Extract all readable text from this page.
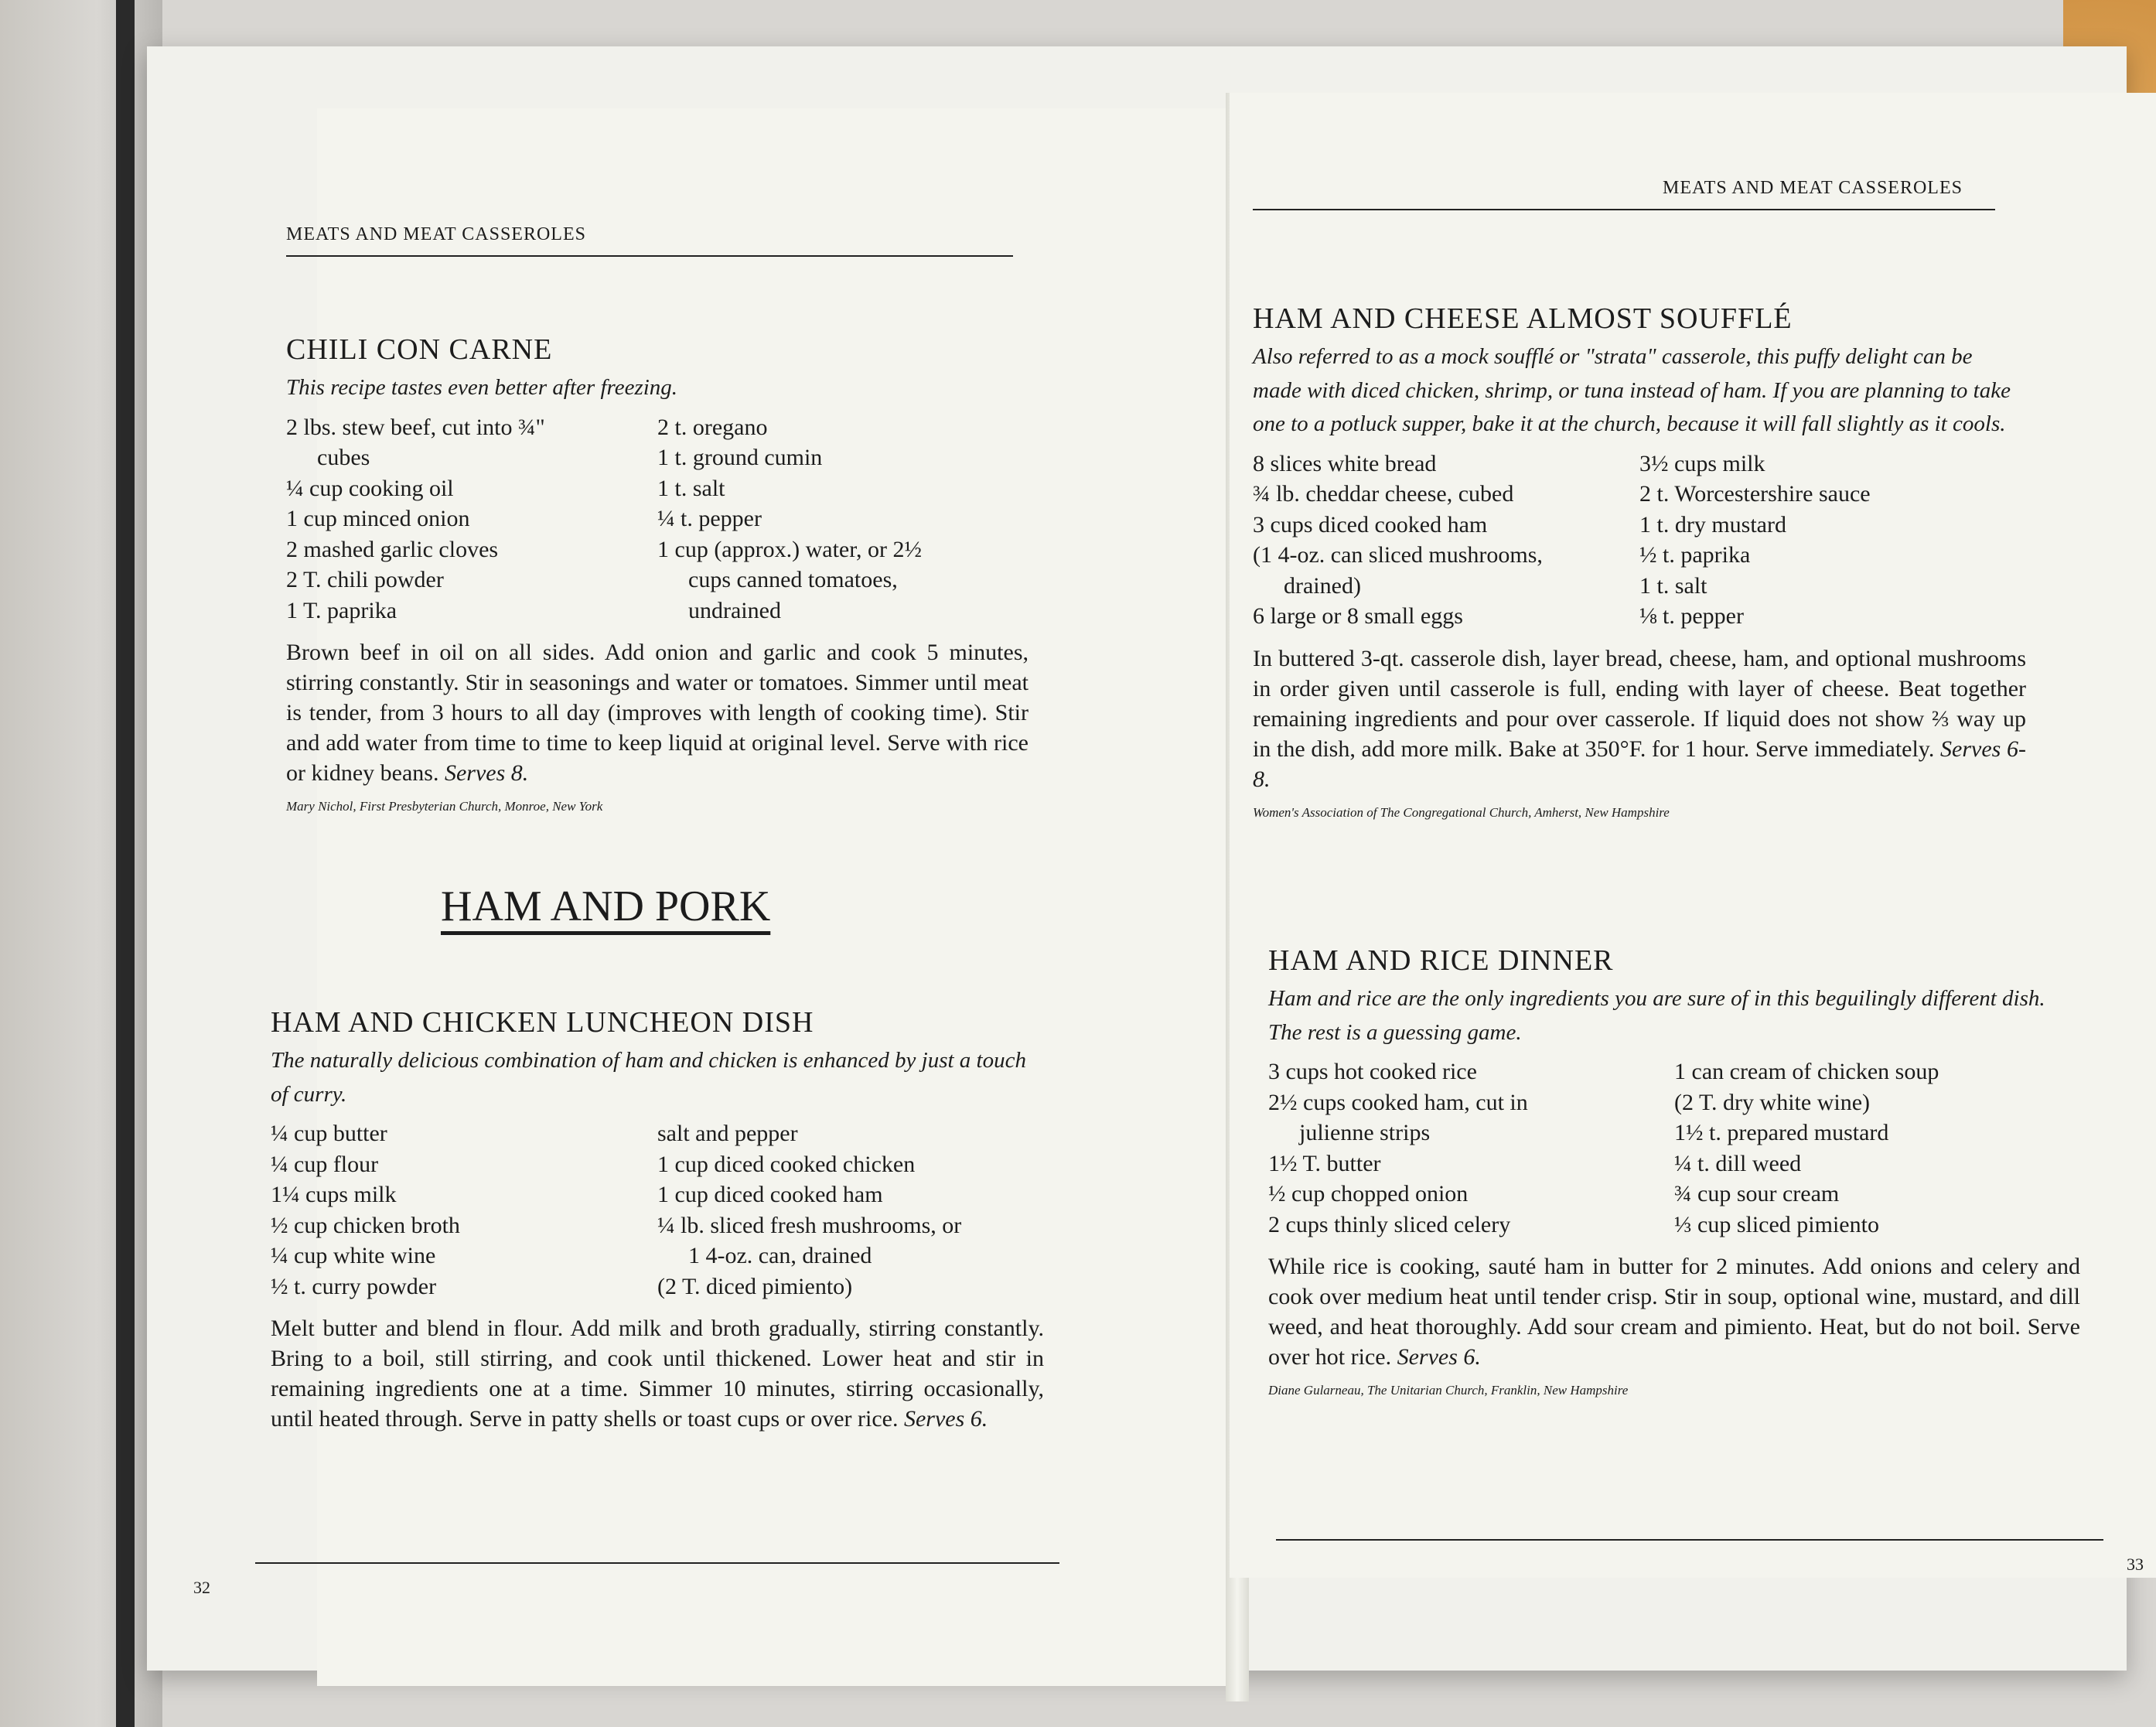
MEATS AND MEAT CASSEROLES
CHILI CON CARNE
This recipe tastes even better after freezing.
2 lbs. stew beef, cut into ¾"
cubes
¼ cup cooking oil
1 cup minced onion
2 mashed garlic cloves
2 T. chili powder
1 T. paprika
2 t. oregano
1 t. ground cumin
1 t. salt
¼ t. pepper
1 cup (approx.) water, or 2½
cups canned tomatoes,
undrained
Brown beef in oil on all sides. Add onion and garlic and cook 5 minutes, stirring constantly. Stir in seasonings and water or tomatoes. Simmer until meat is tender, from 3 hours to all day (improves with length of cooking time). Stir and add water from time to time to keep liquid at original level. Serve with rice or kidney beans. Serves 8.
Mary Nichol, First Presbyterian Church, Monroe, New York
HAM AND PORK
HAM AND CHICKEN LUNCHEON DISH
The naturally delicious combination of ham and chicken is enhanced by just a touch of curry.
¼ cup butter
¼ cup flour
1¼ cups milk
½ cup chicken broth
¼ cup white wine
½ t. curry powder
salt and pepper
1 cup diced cooked chicken
1 cup diced cooked ham
¼ lb. sliced fresh mushrooms, or
1 4-oz. can, drained
(2 T. diced pimiento)
Melt butter and blend in flour. Add milk and broth gradually, stirring constantly. Bring to a boil, still stirring, and cook until thickened. Lower heat and stir in remaining ingredients one at a time. Simmer 10 minutes, stirring occasionally, until heated through. Serve in patty shells or toast cups or over rice. Serves 6.
32
MEATS AND MEAT CASSEROLES
HAM AND CHEESE ALMOST SOUFFLÉ
Also referred to as a mock soufflé or "strata" casserole, this puffy delight can be made with diced chicken, shrimp, or tuna instead of ham. If you are planning to take one to a potluck supper, bake it at the church, because it will fall slightly as it cools.
8 slices white bread
¾ lb. cheddar cheese, cubed
3 cups diced cooked ham
(1 4-oz. can sliced mushrooms,
drained)
6 large or 8 small eggs
3½ cups milk
2 t. Worcestershire sauce
1 t. dry mustard
½ t. paprika
1 t. salt
⅛ t. pepper
In buttered 3-qt. casserole dish, layer bread, cheese, ham, and optional mushrooms in order given until casserole is full, ending with layer of cheese. Beat together remaining ingredients and pour over casserole. If liquid does not show ⅔ way up in the dish, add more milk. Bake at 350°F. for 1 hour. Serve immediately. Serves 6-8.
Women's Association of The Congregational Church, Amherst, New Hampshire
HAM AND RICE DINNER
Ham and rice are the only ingredients you are sure of in this beguilingly different dish. The rest is a guessing game.
3 cups hot cooked rice
2½ cups cooked ham, cut in
julienne strips
1½ T. butter
½ cup chopped onion
2 cups thinly sliced celery
1 can cream of chicken soup
(2 T. dry white wine)
1½ t. prepared mustard
¼ t. dill weed
¾ cup sour cream
⅓ cup sliced pimiento
While rice is cooking, sauté ham in butter for 2 minutes. Add onions and celery and cook over medium heat until tender crisp. Stir in soup, optional wine, mustard, and dill weed, and heat thoroughly. Add sour cream and pimiento. Heat, but do not boil. Serve over hot rice. Serves 6.
Diane Gularneau, The Unitarian Church, Franklin, New Hampshire
33
